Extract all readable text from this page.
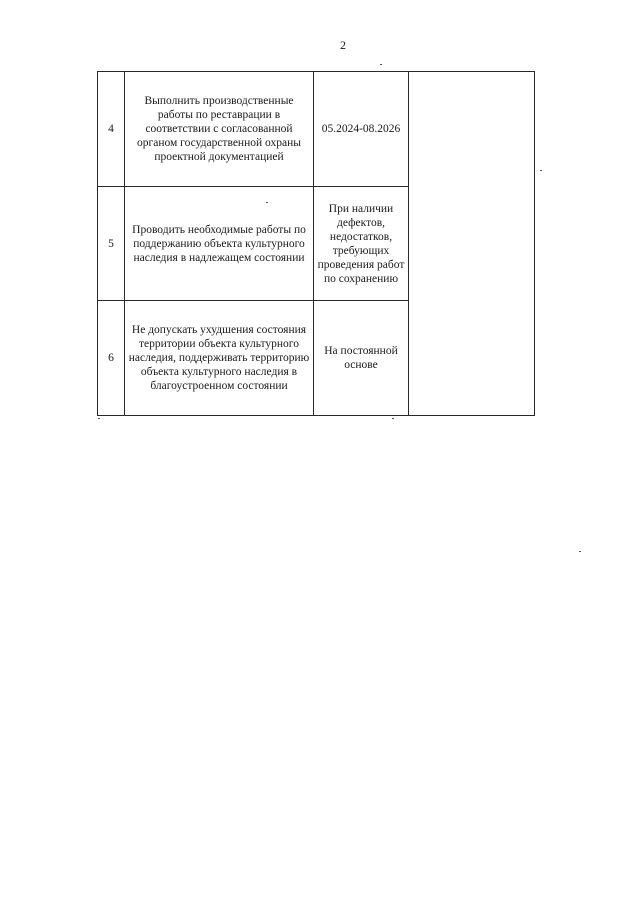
2
4	Выполнить производственные работы по реставрации в соответствии с согласованной органом государственной охраны проектной документацией	05.2024-08.2026	
5	Проводить необходимые работы по поддержанию объекта культурного наследия в надлежащем состоянии	При наличии дефектов, недостатков, требующих проведения работ по сохранению	
6	Не допускать ухудшения состояния территории объекта культурного наследия, поддерживать территорию объекта культурного наследия в благоустроенном состоянии	На постоянной основе	
